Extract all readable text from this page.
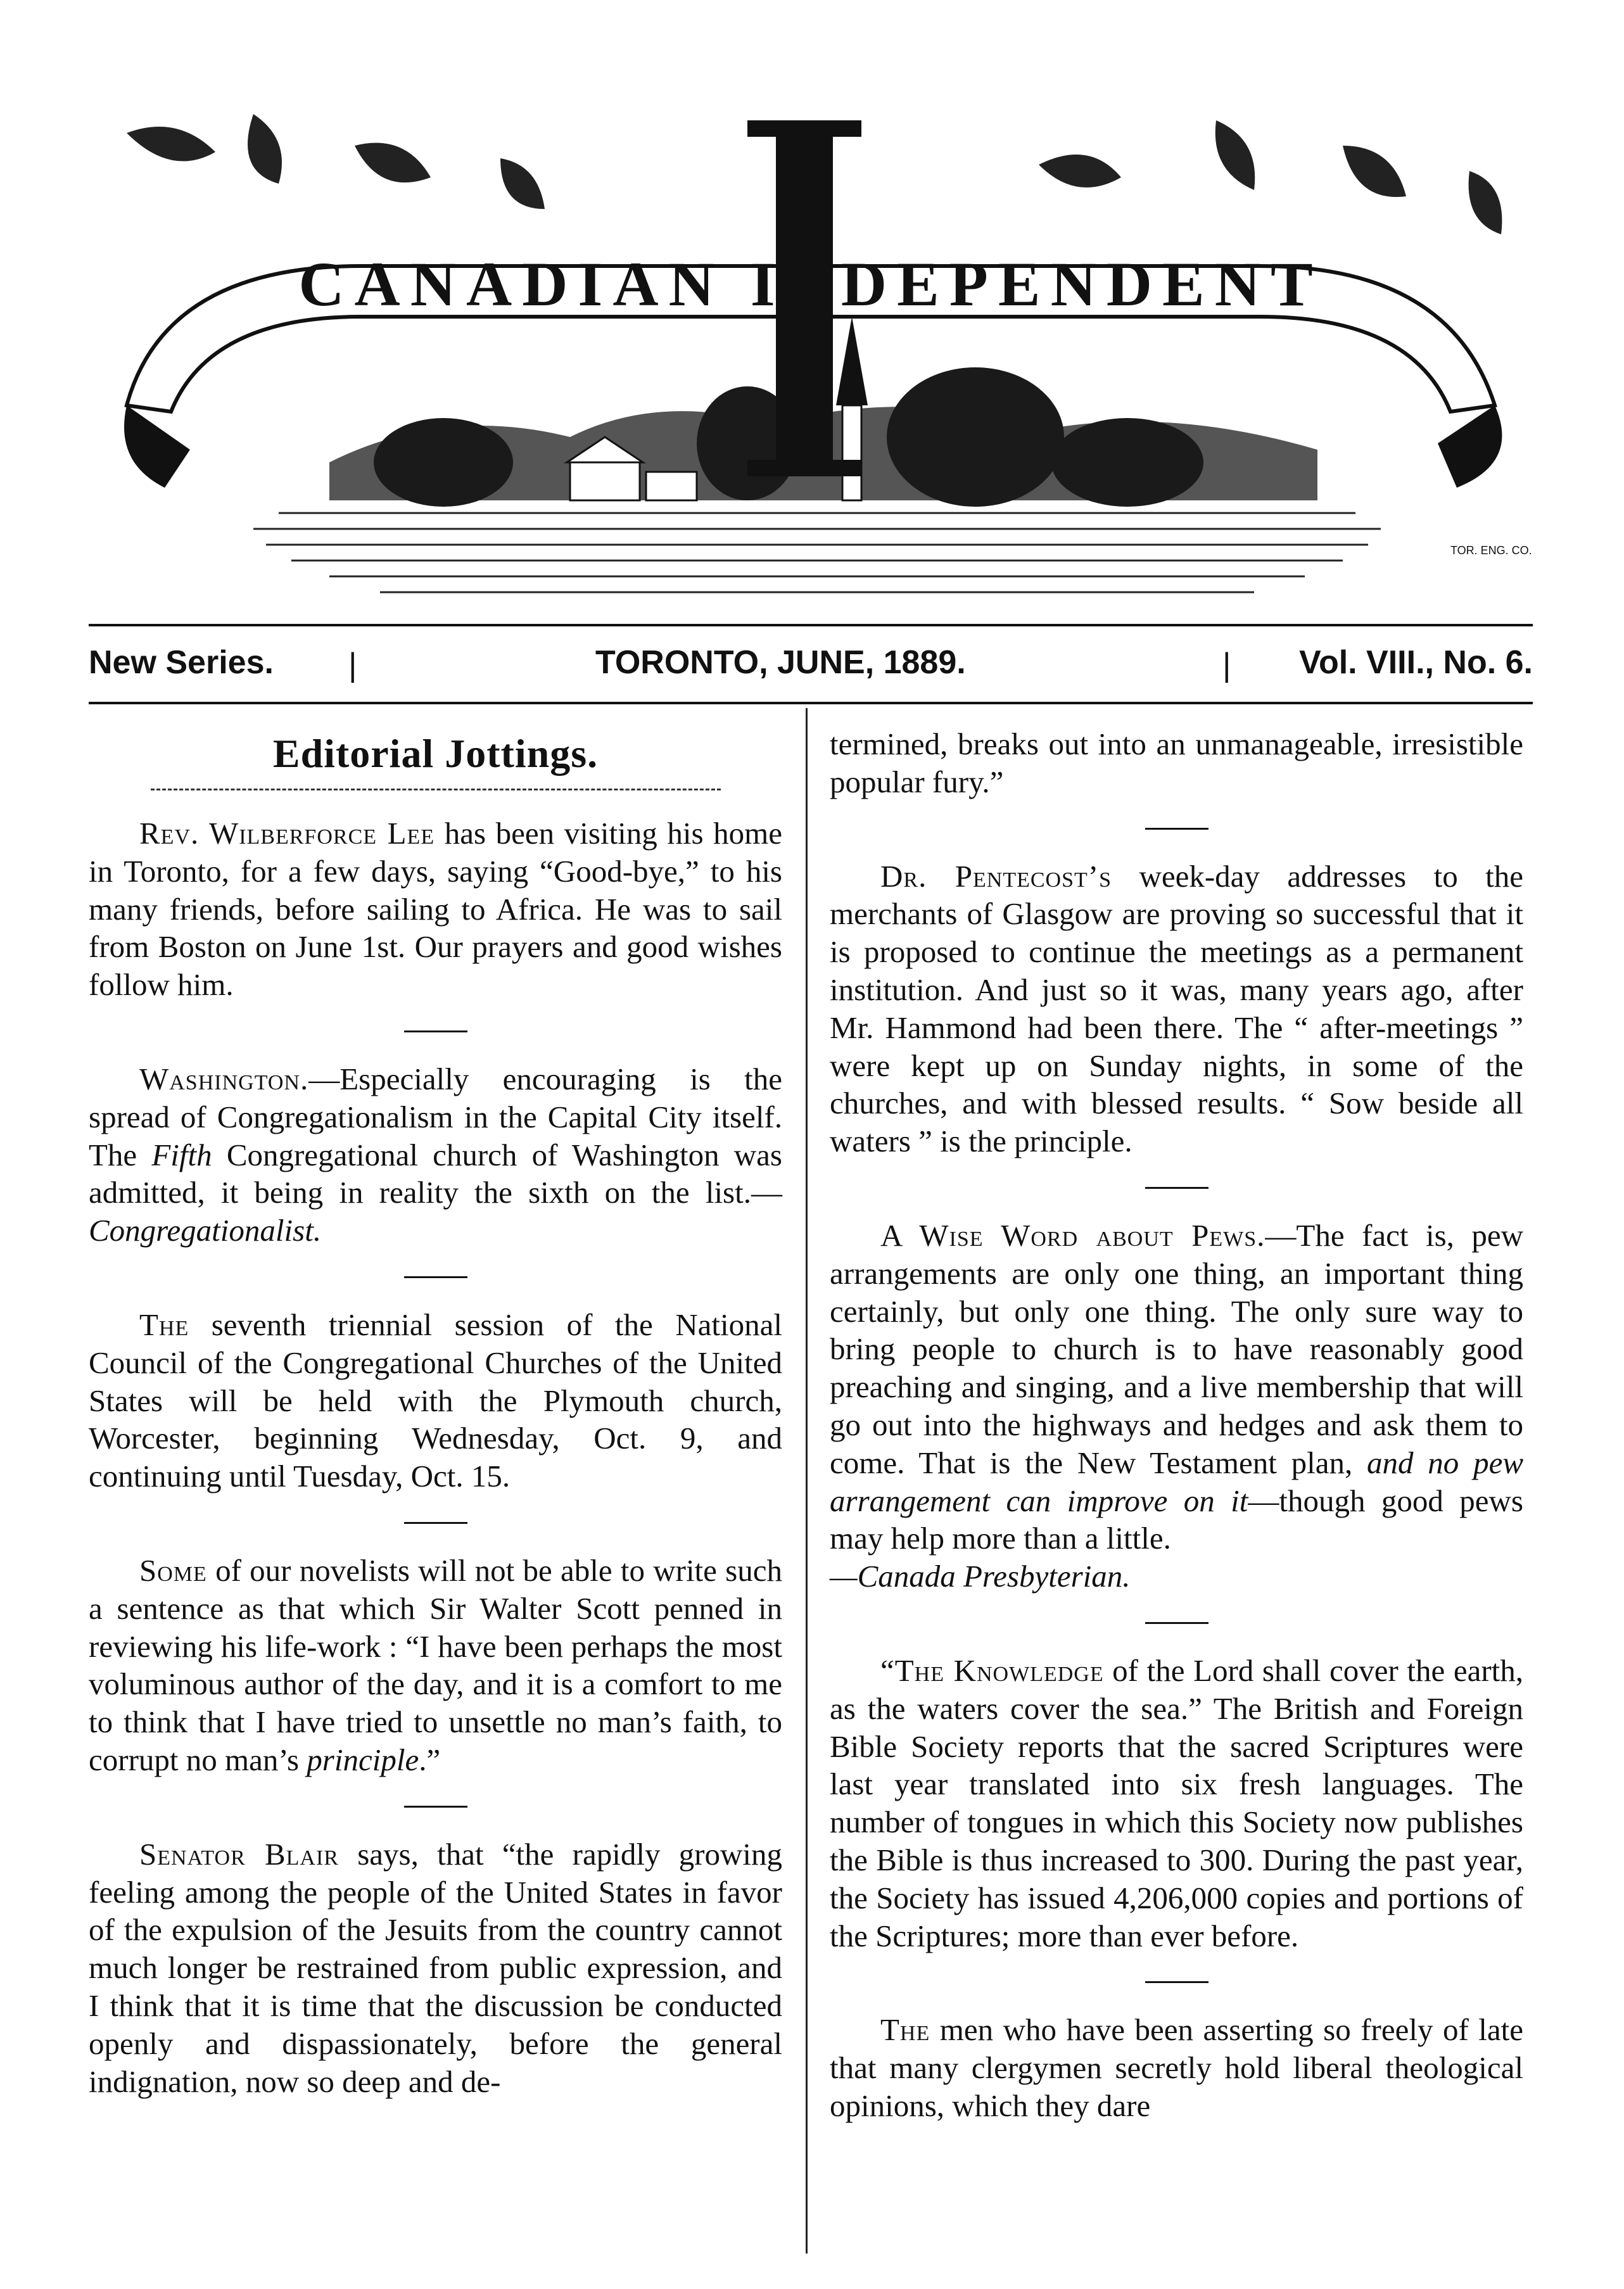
CANADIAN INDEPENDENT
TOR. ENG. CO.
New Series. |	TORONTO, JUNE, 1889.	| Vol. VIII., No. 6.
Editorial Jottings.

Rev. Wilberforce Lee has been visiting his home in Toronto, for a few days, saying “Good-bye,” to his many friends, before sailing to Africa. He was to sail from Boston on June 1st. Our prayers and good wishes follow him.

Washington.—Especially encouraging is the spread of Congregationalism in the Capital City itself. The Fifth Congregational church of Washington was admitted, it being in reality the sixth on the list.—Congregationalist.

The seventh triennial session of the National Council of the Congregational Churches of the United States will be held with the Plymouth church, Worcester, beginning Wednesday, Oct. 9, and continuing until Tuesday, Oct. 15.

Some of our novelists will not be able to write such a sentence as that which Sir Walter Scott penned in reviewing his life-work : “I have been perhaps the most voluminous author of the day, and it is a comfort to me to think that I have tried to unsettle no man’s faith, to corrupt no man’s principle.”

Senator Blair says, that “the rapidly growing feeling among the people of the United States in favor of the expulsion of the Jesuits from the country cannot much longer be restrained from public expression, and I think that it is time that the discussion be conducted openly and dispassionately, before the general indignation, now so deep and de-

termined, breaks out into an unmanageable, irresistible popular fury.”

Dr. Pentecost’s week-day addresses to the merchants of Glasgow are proving so successful that it is proposed to continue the meetings as a permanent institution. And just so it was, many years ago, after Mr. Hammond had been there. The “ after-meetings ” were kept up on Sunday nights, in some of the churches, and with blessed results. “ Sow beside all waters ” is the principle.

A Wise Word about Pews.—The fact is, pew arrangements are only one thing, an important thing certainly, but only one thing. The only sure way to bring people to church is to have reasonably good preaching and singing, and a live membership that will go out into the highways and hedges and ask them to come. That is the New Testament plan, and no pew arrangement can improve on it—though good pews may help more than a little.
—Canada Presbyterian.

“The Knowledge of the Lord shall cover the earth, as the waters cover the sea.” The British and Foreign Bible Society reports that the sacred Scriptures were last year translated into six fresh languages. The number of tongues in which this Society now publishes the Bible is thus increased to 300. During the past year, the Society has issued 4,206,000 copies and portions of the Scriptures; more than ever before.

The men who have been asserting so freely of late that many clergymen secretly hold liberal theological opinions, which they dare
